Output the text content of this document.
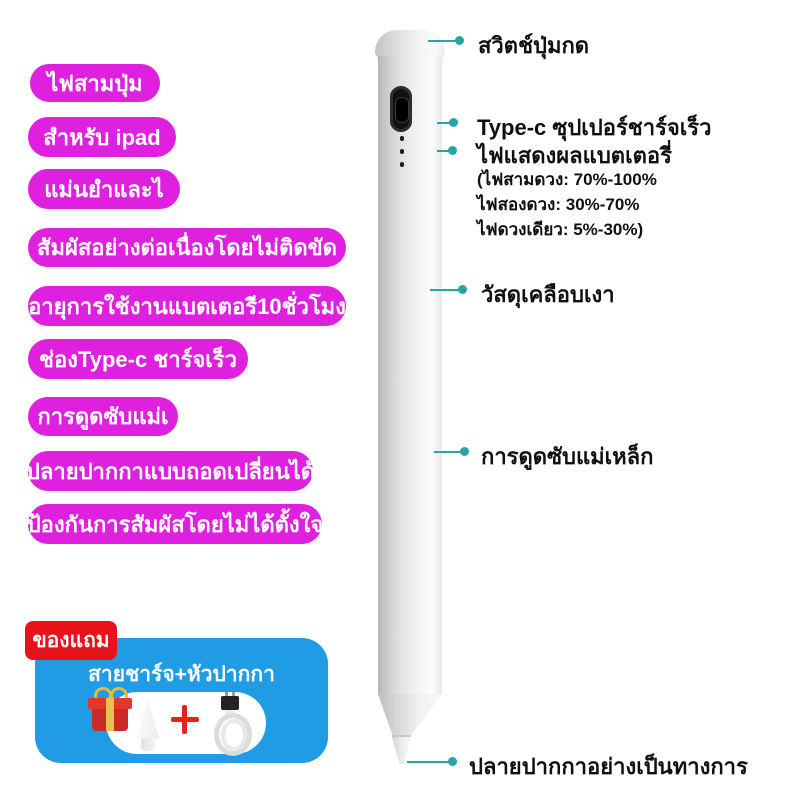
ไฟสามปุ่ม
สำหรับ ipad
แม่นยำและไ
สัมผัสอย่างต่อเนื่องโดยไม่ติดขัด
อายุการใช้งานแบตเตอรี10ชั่วโมง
ช่องType-c ชาร์จเร็ว
การดูดซับแม่เ
ปลายปากกาแบบถอดเปลี่ยนได้
ป้องกันการสัมผัสโดยไม่ได้ตั้งใจ
สวิตช์ปุ่มกด
Type-c ซุปเปอร์ชาร์จเร็ว
ไฟแสดงผลแบตเตอรี่
(ไฟสามดวง: 70%-100%
ไฟสองดวง: 30%-70%
ไฟดวงเดียว: 5%-30%)
วัสดุเคลือบเงา
การดูดซับแม่เหล็ก
ปลายปากกาอย่างเป็นทางการ
สายชาร์จ+หัวปากกา
ของแถม
